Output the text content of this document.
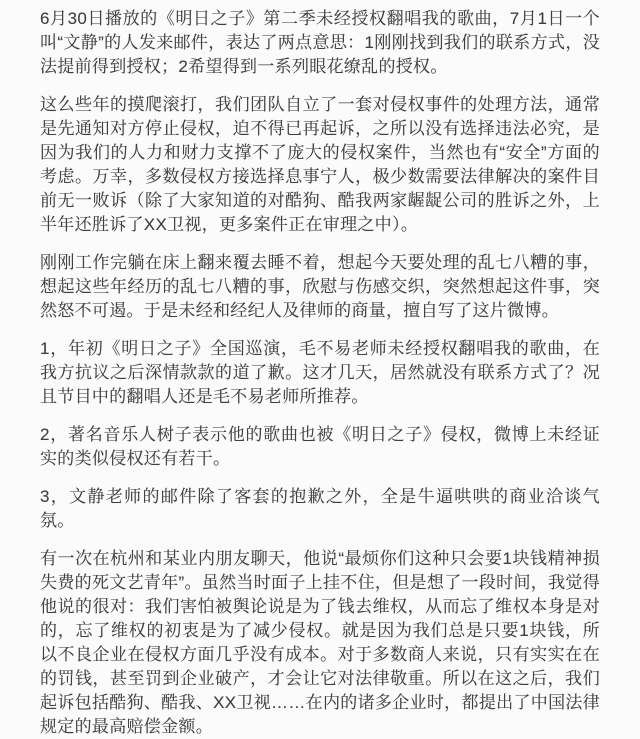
6月30日播放的《明日之子》第二季未经授权翻唱我的歌曲，7月1日一个叫“文静”的人发来邮件，表达了两点意思：1刚刚找到我们的联系方式，没法提前得到授权；2希望得到一系列眼花缭乱的授权。

这么些年的摸爬滚打，我们团队自立了一套对侵权事件的处理方法，通常是先通知对方停止侵权，迫不得已再起诉，之所以没有选择违法必究，是因为我们的人力和财力支撑不了庞大的侵权案件，当然也有“安全”方面的考虑。万幸，多数侵权方接选择息事宁人，极少数需要法律解决的案件目前无一败诉（除了大家知道的对酷狗、酷我两家龌龊公司的胜诉之外，上半年还胜诉了XX卫视，更多案件正在审理之中）。

刚刚工作完躺在床上翻来覆去睡不着，想起今天要处理的乱七八糟的事，想起这些年经历的乱七八糟的事，欣慰与伤感交织，突然想起这件事，突然怒不可遏。于是未经和经纪人及律师的商量，擅自写了这片微博。

1，年初《明日之子》全国巡演，毛不易老师未经授权翻唱我的歌曲，在我方抗议之后深情款款的道了歉。这才几天，居然就没有联系方式了？况且节目中的翻唱人还是毛不易老师所推荐。

2，著名音乐人树子表示他的歌曲也被《明日之子》侵权，微博上未经证实的类似侵权还有若干。

3，文静老师的邮件除了客套的抱歉之外，全是牛逼哄哄的商业洽谈气氛。

有一次在杭州和某业内朋友聊天，他说“最烦你们这种只会要1块钱精神损失费的死文艺青年”。虽然当时面子上挂不住，但是想了一段时间，我觉得他说的很对：我们害怕被舆论说是为了钱去维权，从而忘了维权本身是对的，忘了维权的初衷是为了减少侵权。就是因为我们总是只要1块钱，所以不良企业在侵权方面几乎没有成本。对于多数商人来说，只有实实在在的罚钱，甚至罚到企业破产，才会让它对法律敬重。所以在这之后，我们起诉包括酷狗、酷我、XX卫视……在内的诸多企业时，都提出了中国法律规定的最高赔偿金额。
